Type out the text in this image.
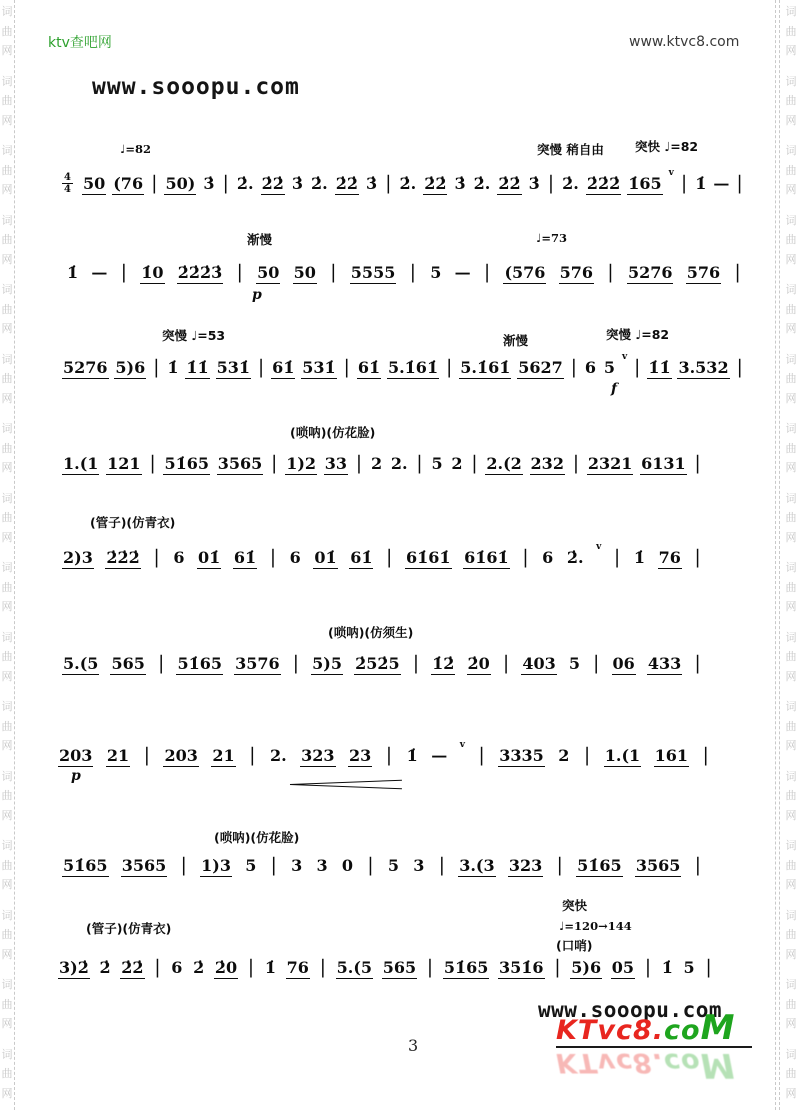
词
曲
网
词
曲
网
词
曲
网
词
曲
网
词
曲
网
词
曲
网
词
曲
网
词
曲
网
词
曲
网
词
曲
网
词
曲
网
词
曲
网
词
曲
网
词
曲
网
词
曲
网
词
曲
网
词
曲
网
词
曲
网
词
曲
网
词
曲
网
词
曲
网
词
曲
网
词
曲
网
词
曲
网
词
曲
网
词
曲
网
词
曲
网
词
曲
网
词
曲
网
词
曲
网
词
曲
网
词
曲
网
ktv查吧网	www.ktvc8.com
www.sooopu.com
4
4 50 (76 | 50) 3̇ | 2̇. 2̇2̇ 3̇ 2̇. 2̇2̇ 3̇ | 2̇. 2̇2̇ 3̇ 2̇. 2̇2̇ 3̇ | 2̇. 2̇2̇2̇ 1̇65
v | 1̇ — |
1̇ — | 1̇0 2̇2̇2̇3̇ | 50 50 | 5555 | 5 — | (576 576 | 5276 576 |
5276 5)6 | 1̇ 1̇1̇ 531̇ | 61̇ 531̇ | 61̇ 5.1̇61̇ | 5.1̇61̇ 5627 | 6 5
v | 1̇1̇ 3.532 |
1.(1 121 | 51̇65 3565 | 1)2 33 | 2 2. | 5 2 | 2.(2 232 | 2321 6131 |
2)3 2̇2̇2̇ | 6 01̇ 61̇ | 6 01̇ 61̇ | 61̇61̇ 61̇61̇ | 6 2̇.
v | 1̇ 76 |
5.(5 565 | 51̇65 3576 | 5)5 2̇52̇5 | 1̇2̇ 2̇0 | 403 5 | 06 433 |
203 21 | 203 21 | 2. 323 23 | 1̇ —
v | 3335 2 | 1.(1 161 |
51̇65 3565 | 1)3 5 | 3 3 0 | 5 3 | 3.(3 323 | 51̇65 3565 |
3)2̇ 2̇ 2̇2̇ | 6 2̇ 2̇0 | 1̇ 76 | 5.(5 565 | 51̇65 351̇6 | 5)6 05 | 1̇ 5 |
♩=82	突慢 稍自由 突快 ♩=82
渐慢	♩=73
突慢 ♩=53	渐慢	突慢 ♩=82
(唢呐)(仿花脸)
(管子)(仿青衣)
(唢呐)(仿须生)
(唢呐)(仿花脸)
(管子)(仿青衣)
突快
♩=120→144
(口哨)
p
f
p
www.sooopu.com
KTvc8.coM
KTvc8.coM
3
